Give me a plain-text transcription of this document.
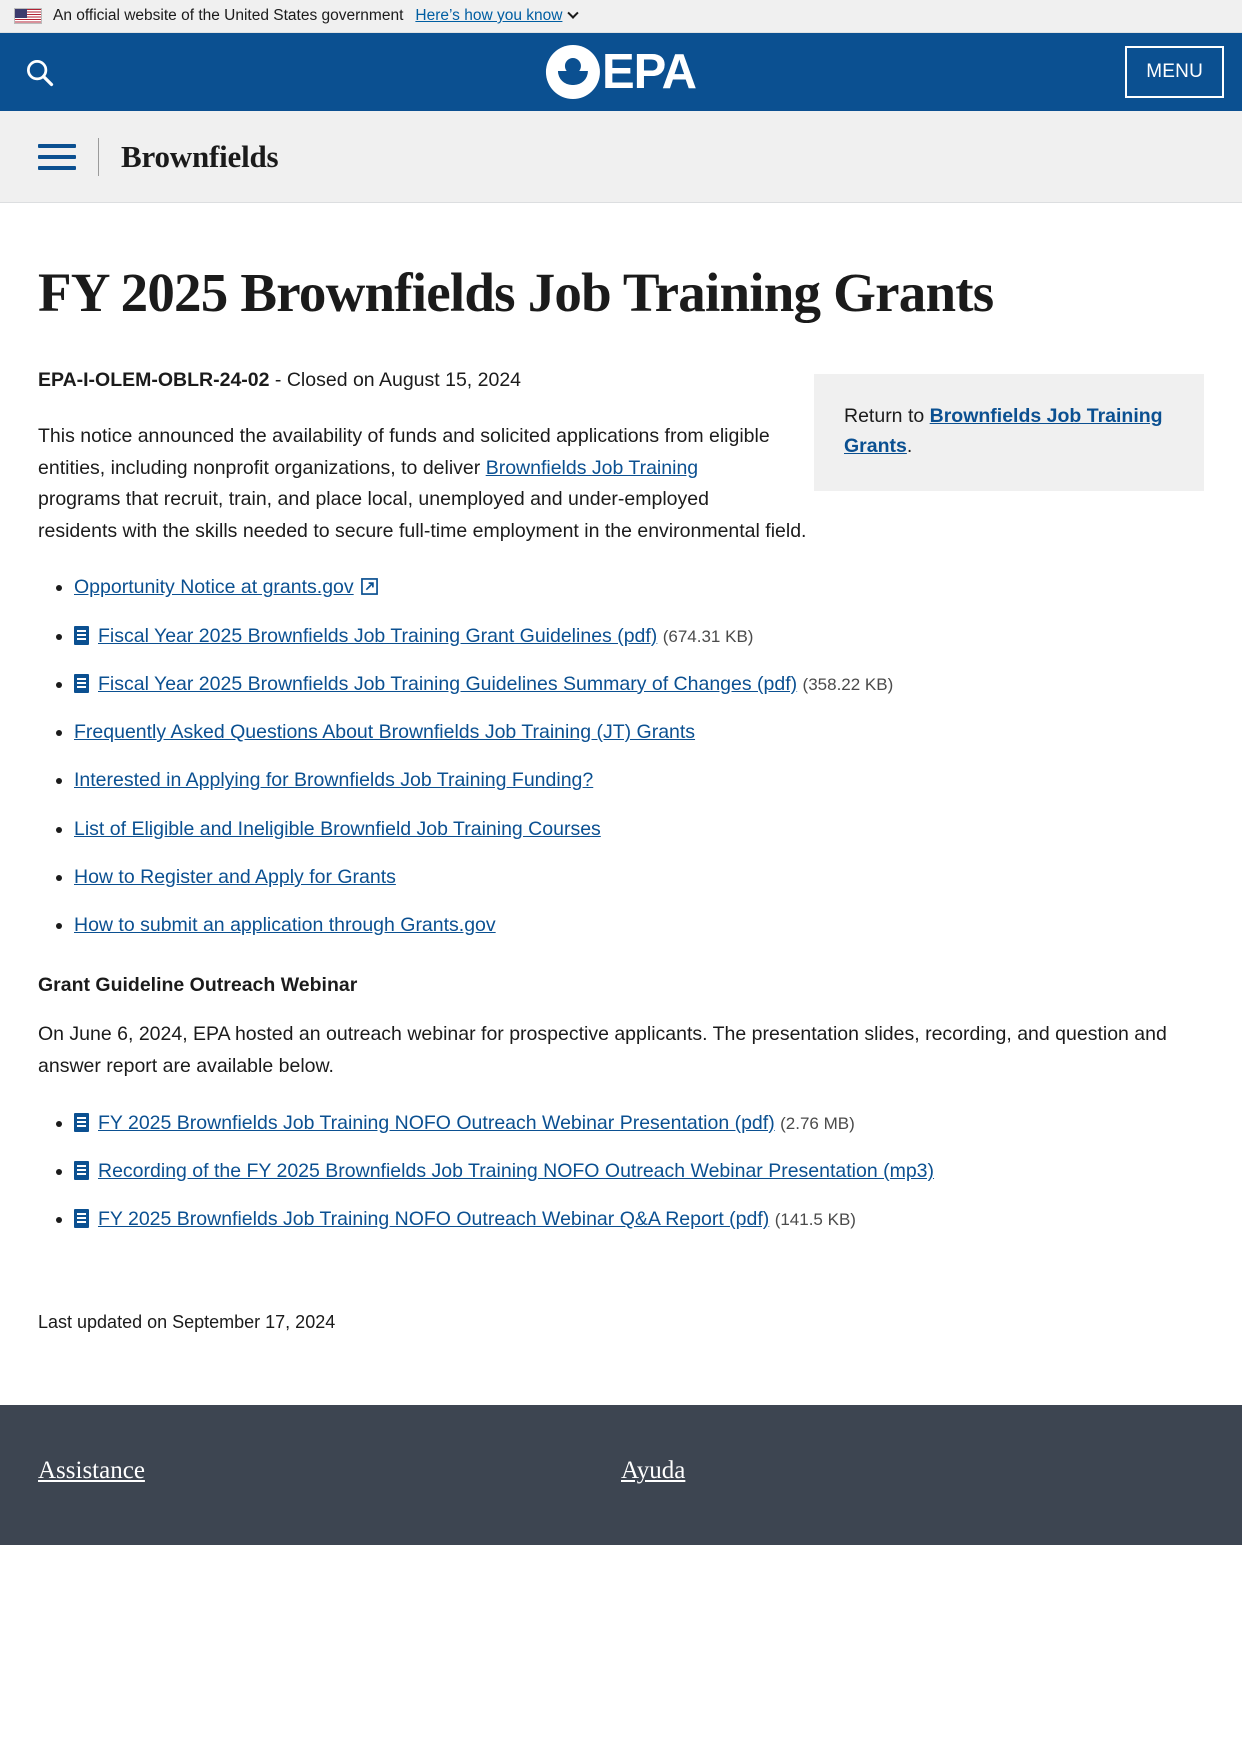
An official website of the United States government Here’s how you know
EPA	MENU
Brownfields
FY 2025 Brownfields Job Training Grants
Return to Brownfields Job Training Grants.

EPA-I-OLEM-OBLR-24-02 - Closed on August 15, 2024

This notice announced the availability of funds and solicited applications from eligible entities, including nonprofit organizations, to deliver Brownfields Job Training programs that recruit, train, and place local, unemployed and under-employed residents with the skills needed to secure full-time employment in the environmental field.

• Opportunity Notice at grants.gov
• Fiscal Year 2025 Brownfields Job Training Grant Guidelines (pdf) (674.31 KB)
• Fiscal Year 2025 Brownfields Job Training Guidelines Summary of Changes (pdf) (358.22 KB)
• Frequently Asked Questions About Brownfields Job Training (JT) Grants
• Interested in Applying for Brownfields Job Training Funding?
• List of Eligible and Ineligible Brownfield Job Training Courses
• How to Register and Apply for Grants
• How to submit an application through Grants.gov
Grant Guideline Outreach Webinar

On June 6, 2024, EPA hosted an outreach webinar for prospective applicants. The presentation slides, recording, and question and answer report are available below.

• FY 2025 Brownfields Job Training NOFO Outreach Webinar Presentation (pdf) (2.76 MB)
• Recording of the FY 2025 Brownfields Job Training NOFO Outreach Webinar Presentation (mp3)
• FY 2025 Brownfields Job Training NOFO Outreach Webinar Q&A Report (pdf) (141.5 KB)

Last updated on September 17, 2024

Assistance	Ayuda
